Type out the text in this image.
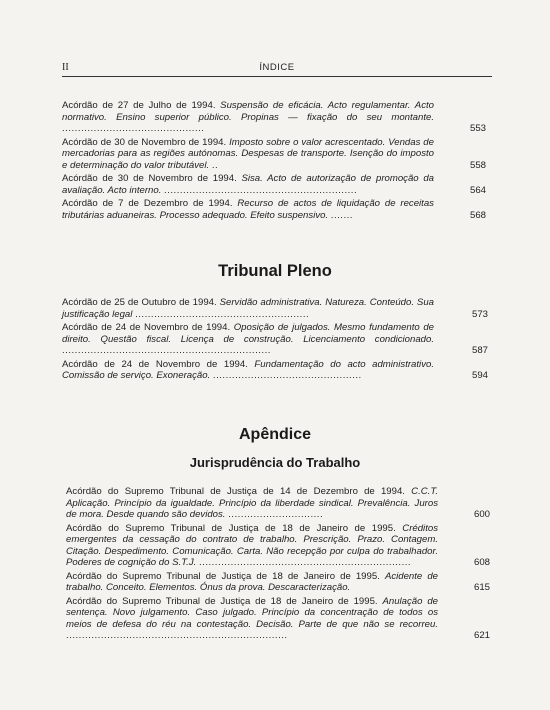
II	ÍNDICE
Acórdão de 27 de Julho de 1994. Suspensão de eficácia. Acto regulamentar. Acto normativo. Ensino superior público. Propinas — fixação do seu montante. .............................................	553
Acórdão de 30 de Novembro de 1994. Imposto sobre o valor acrescentado. Vendas de mercadorias para as regiões autónomas. Despesas de transporte. Isenção do imposto e determinação do valor tributável. ..	558
Acórdão de 30 de Novembro de 1994. Sisa. Acto de autorização de promoção da avaliação. Acto interno. .............................................................	564
Acórdão de 7 de Dezembro de 1994. Recurso de actos de liquidação de receitas tributárias aduaneiras. Processo adequado. Efeito suspensivo. .......	568
Tribunal Pleno
Acórdão de 25 de Outubro de 1994. Servidão administrativa. Natureza. Conteúdo. Sua justificação legal .......................................................	573
Acórdão de 24 de Novembro de 1994. Oposição de julgados. Mesmo fundamento de direito. Questão fiscal. Licença de construção. Licenciamento condicionado. ..................................................................	587
Acórdão de 24 de Novembro de 1994. Fundamentação do acto administrativo. Comissão de serviço. Exoneração. ...............................................	594
Apêndice
Jurisprudência do Trabalho
Acórdão do Supremo Tribunal de Justiça de 14 de Dezembro de 1994. C.C.T. Aplicação. Princípio da igualdade. Princípio da liberdade sindical. Prevalência. Juros de mora. Desde quando são devidos. ..............................	600
Acórdão do Supremo Tribunal de Justiça de 18 de Janeiro de 1995. Créditos emergentes da cessação do contrato de trabalho. Prescrição. Prazo. Contagem. Citação. Despedimento. Comunicação. Carta. Não recepção por culpa do trabalhador. Poderes de cognição do S.T.J. ...................................................................	608
Acórdão do Supremo Tribunal de Justiça de 18 de Janeiro de 1995. Acidente de trabalho. Conceito. Elementos. Ónus da prova. Descaracterização.	615
Acórdão do Supremo Tribunal de Justiça de 18 de Janeiro de 1995. Anulação de sentença. Novo julgamento. Caso julgado. Princípio da concentração de todos os meios de defesa do réu na contestação. Decisão. Parte de que não se recorreu. ......................................................................	621
